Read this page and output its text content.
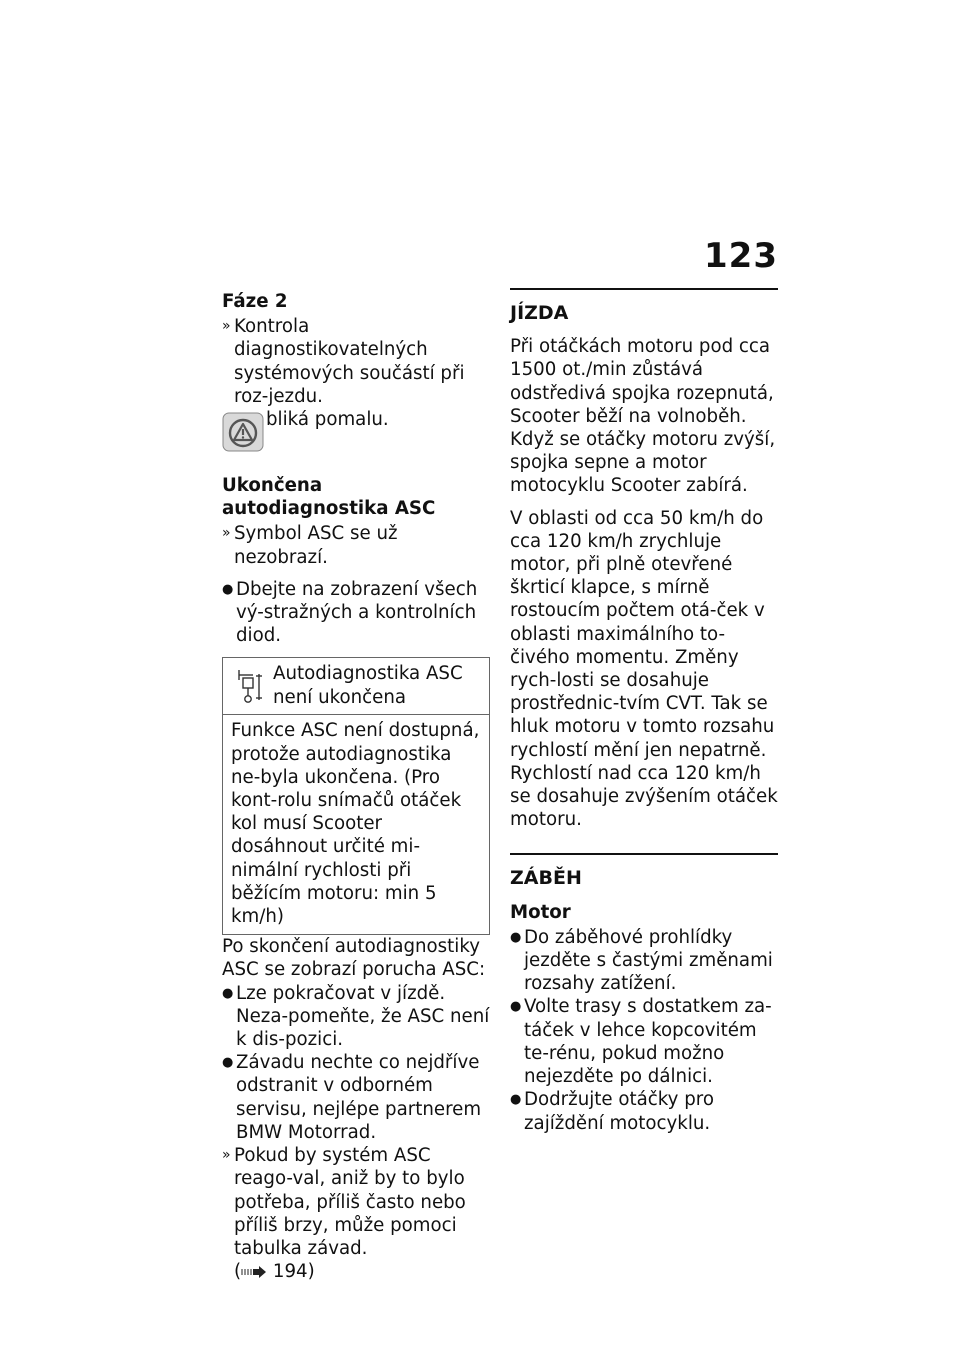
123

Fáze 2

» Kontrola diagnostikovatelných systémových součástí při roz-jezdu.
bliká pomalu.

Ukončena autodiagnostika ASC

» Symbol ASC se už nezobrazí.
● Dbejte na zobrazení všech vý-stražných a kontrolních diod.
Autodiagnostika ASC není ukončena
Funkce ASC není dostupná, protože autodiagnostika ne-byla ukončena. (Pro kont-rolu snímačů otáček kol musí Scooter dosáhnout určité mi-nimální rychlosti při běžícím motoru: min 5 km/h)

Po skončení autodiagnostiky ASC se zobrazí porucha ASC:

● Lze pokračovat v jízdě. Neza-pomeňte, že ASC není k dis-pozici.
● Závadu nechte co nejdříve odstranit v odborném servisu, nejlépe partnerem BMW Motorrad.
» Pokud by systém ASC reago-val, aniž by to bylo potřeba, příliš často nebo příliš brzy, může pomoci tabulka závad.
( 194)
JÍZDA

Při otáčkách motoru pod cca 1500 ot./min zůstává odstředivá spojka rozepnutá, Scooter běží na volnoběh. Když se otáčky motoru zvýší, spojka sepne a motor motocyklu Scooter zabírá.

V oblasti od cca 50 km/h do cca 120 km/h zrychluje motor, při plně otevřené škrticí klapce, s mírně rostoucím počtem otá-ček v oblasti maximálního to-čivého momentu. Změny rych-losti se dosahuje prostřednic-tvím CVT. Tak se hluk motoru v tomto rozsahu rychlostí mění jen nepatrně.

Rychlostí nad cca 120 km/h se dosahuje zvýšením otáček motoru.

ZÁBĚH

Motor

● Do záběhové prohlídky jezděte s častými změnami rozsahy zatížení.
● Volte trasy s dostatkem za-táček v lehce kopcovitém te-rénu, pokud možno nejezděte po dálnici.
● Dodržujte otáčky pro zajíždění motocyklu.
